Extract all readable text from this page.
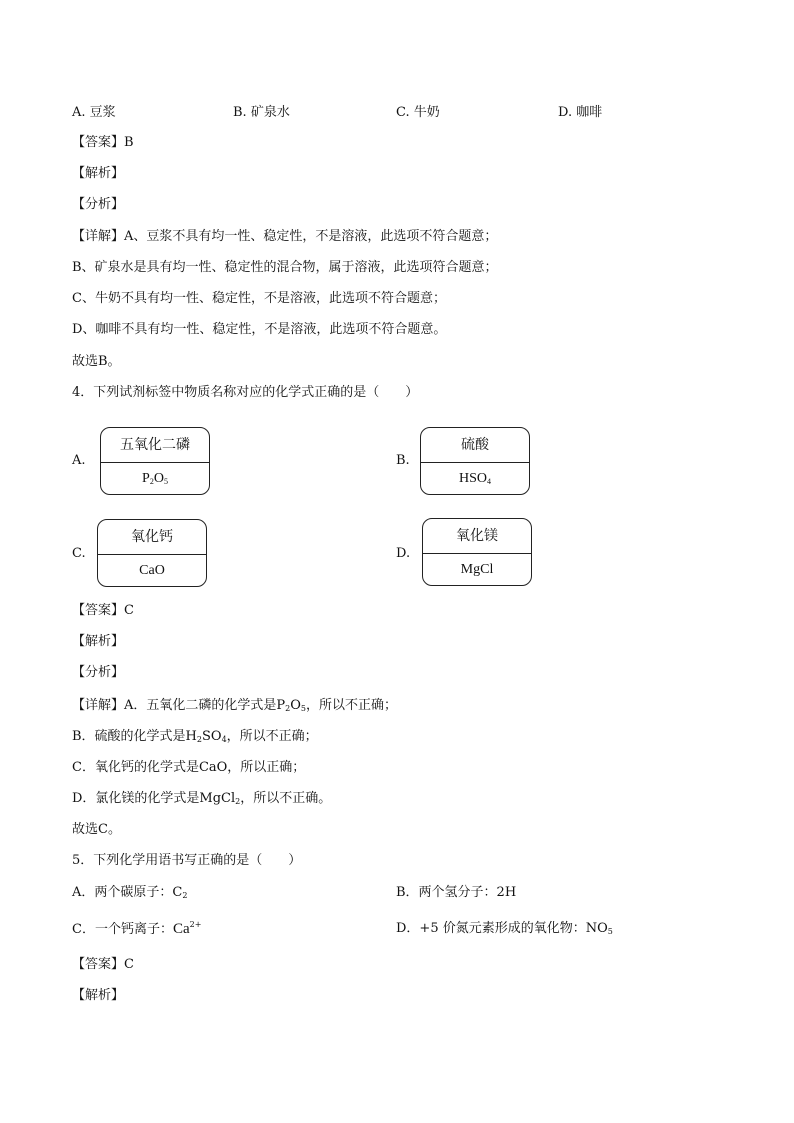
A. 豆浆	B. 矿泉水	C. 牛奶	D. 咖啡
【答案】B
【解析】
【分析】
【详解】A、豆浆不具有均一性、稳定性，不是溶液，此选项不符合题意；
B、矿泉水是具有均一性、稳定性的混合物，属于溶液，此选项符合题意；
C、牛奶不具有均一性、稳定性，不是溶液，此选项不符合题意；
D、咖啡不具有均一性、稳定性，不是溶液，此选项不符合题意。
故选B。
4．下列试剂标签中物质名称对应的化学式正确的是（　　）
A.
五氧化二磷
$P_2O_5$
B.
硫酸
$HSO_4$
C.
氧化钙
CaO
D.
氧化镁
MgCl
【答案】C
【解析】
【分析】
【详解】A．五氧化二磷的化学式是$P_2O_5$，所以不正确；
B．硫酸的化学式是$H_2SO_4$，所以不正确；
C．氧化钙的化学式是CaO，所以正确；
D．氯化镁的化学式是MgCl$_2$，所以不正确。
故选C。
5．下列化学用语书写正确的是（　　）
A．两个碳原子：$C_2$	B．两个氢分子：2H
C．一个钙离子：$Ca^{2+}$	D．+5 价氮元素形成的氧化物：$NO_5$
【答案】C
【解析】
